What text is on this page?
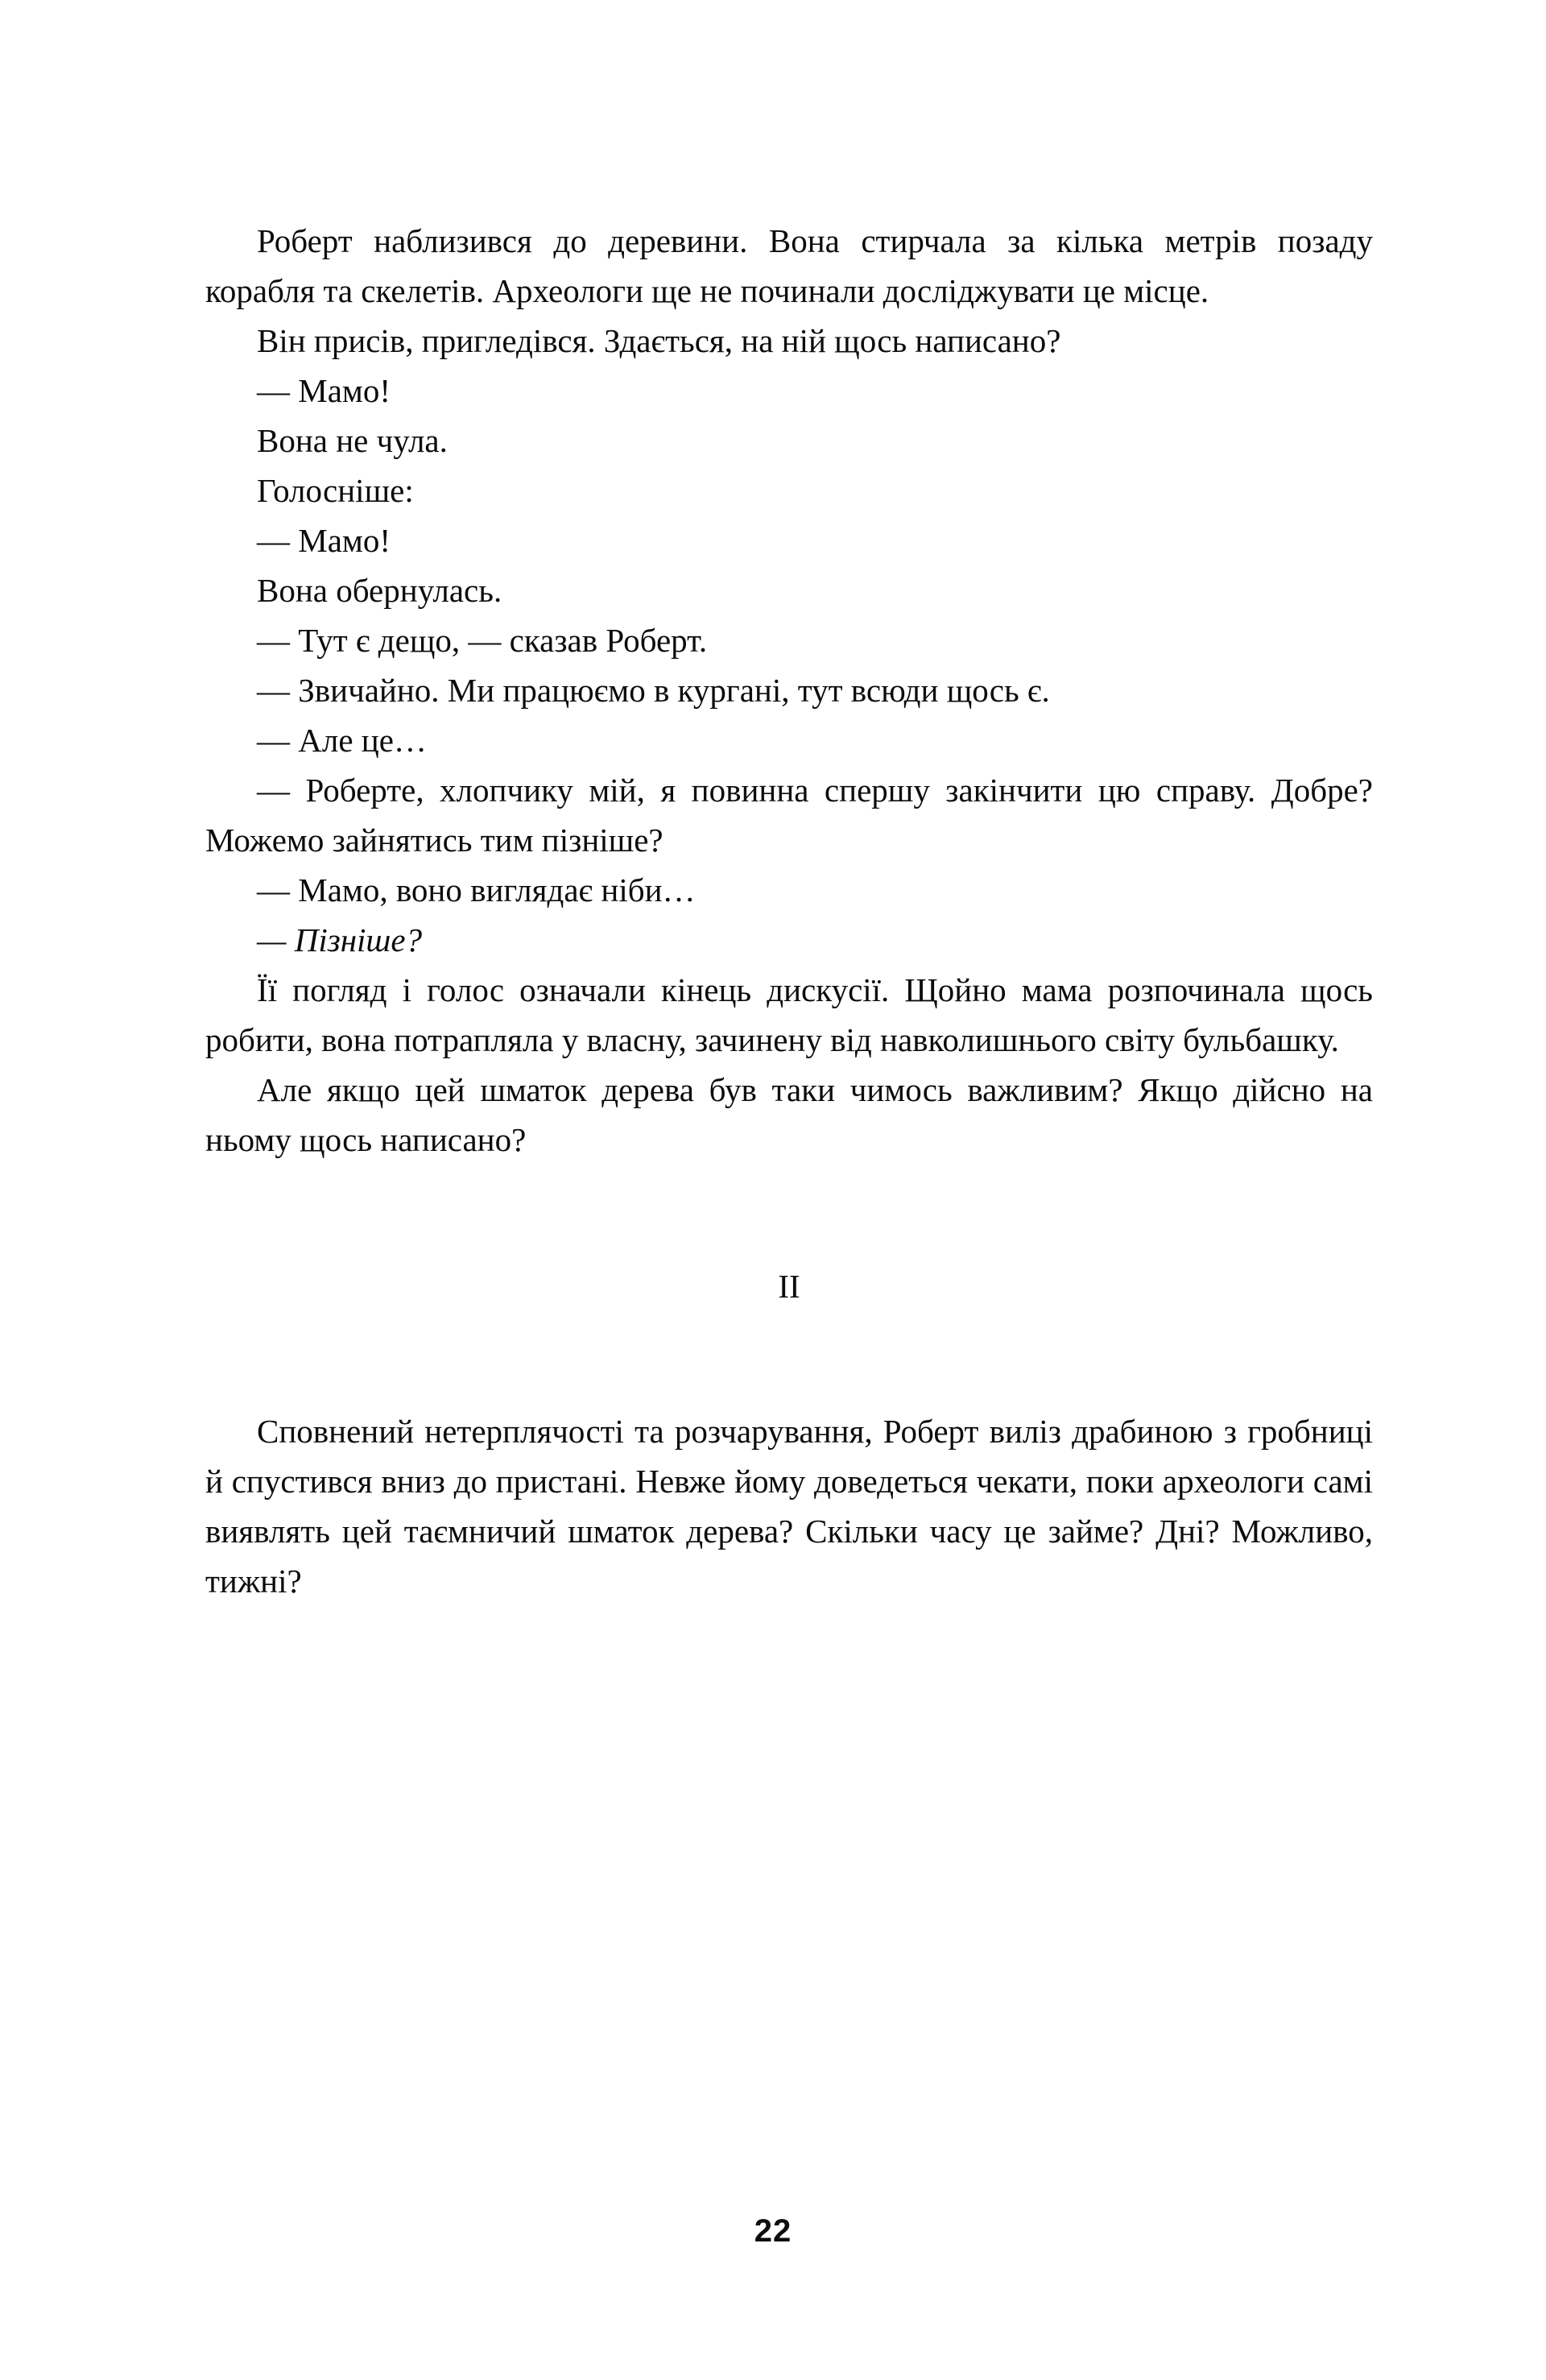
Роберт наблизився до деревини. Вона стирчала за кілька метрів позаду корабля та скелетів. Археологи ще не починали досліджувати це місце.

Він присів, пригледівся. Здається, на ній щось написано?

— Мамо!

Вона не чула.

Голосніше:

— Мамо!

Вона обернулась.

— Тут є дещо, — сказав Роберт.

— Звичайно. Ми працюємо в кургані, тут всюди щось є.

— Але це…

— Роберте, хлопчику мій, я повинна спершу закінчити цю справу. Добре? Можемо зайнятись тим пізніше?

— Мамо, воно виглядає ніби…

— Пізніше?

Її погляд і голос означали кінець дискусії. Щойно мама розпочинала щось робити, вона потрапляла у власну, зачинену від навколишнього світу бульбашку.

Але якщо цей шматок дерева був таки чимось важливим? Якщо дійсно на ньому щось написано?

II

Сповнений нетерплячості та розчарування, Роберт виліз драбиною з гробниці й спустився вниз до пристані. Невже йому доведеться чекати, поки археологи самі виявлять цей таємничий шматок дерева? Скільки часу це займе? Дні? Можливо, тижні?

22
